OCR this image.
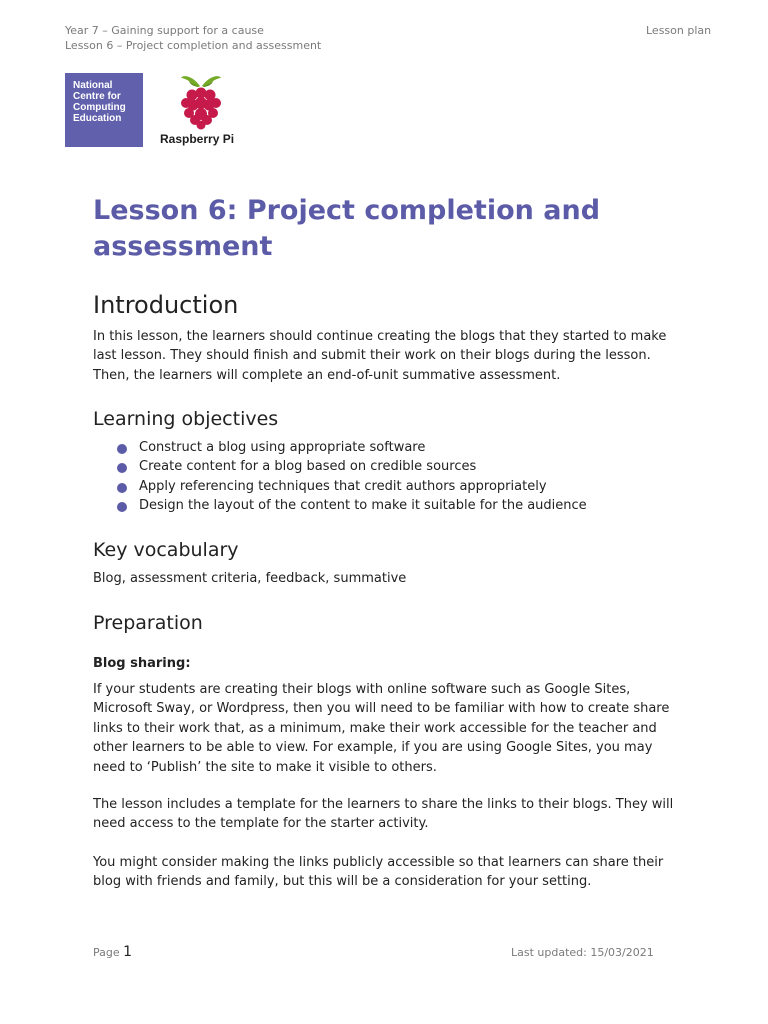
Year 7 – Gaining support for a cause
Lesson 6 – Project completion and assessment
Lesson plan
National
Centre for
Computing
Education
Raspberry Pi
Lesson 6: Project completion and assessment
Introduction

In this lesson, the learners should continue creating the blogs that they started to make last lesson. They should finish and submit their work on their blogs during the lesson. Then, the learners will complete an end-of-unit summative assessment.

Learning objectives
Construct a blog using appropriate software
Create content for a blog based on credible sources
Apply referencing techniques that credit authors appropriately
Design the layout of the content to make it suitable for the audience
Key vocabulary

Blog, assessment criteria, feedback, summative

Preparation

Blog sharing:

If your students are creating their blogs with online software such as Google Sites, Microsoft Sway, or Wordpress, then you will need to be familiar with how to create share links to their work that, as a minimum, make their work accessible for the teacher and other learners to be able to view. For example, if you are using Google Sites, you may need to ‘Publish’ the site to make it visible to others.

The lesson includes a template for the learners to share the links to their blogs. They will need access to the template for the starter activity.

You might consider making the links publicly accessible so that learners can share their blog with friends and family, but this will be a consideration for your setting.

Page 1	Last updated: 15/03/2021
